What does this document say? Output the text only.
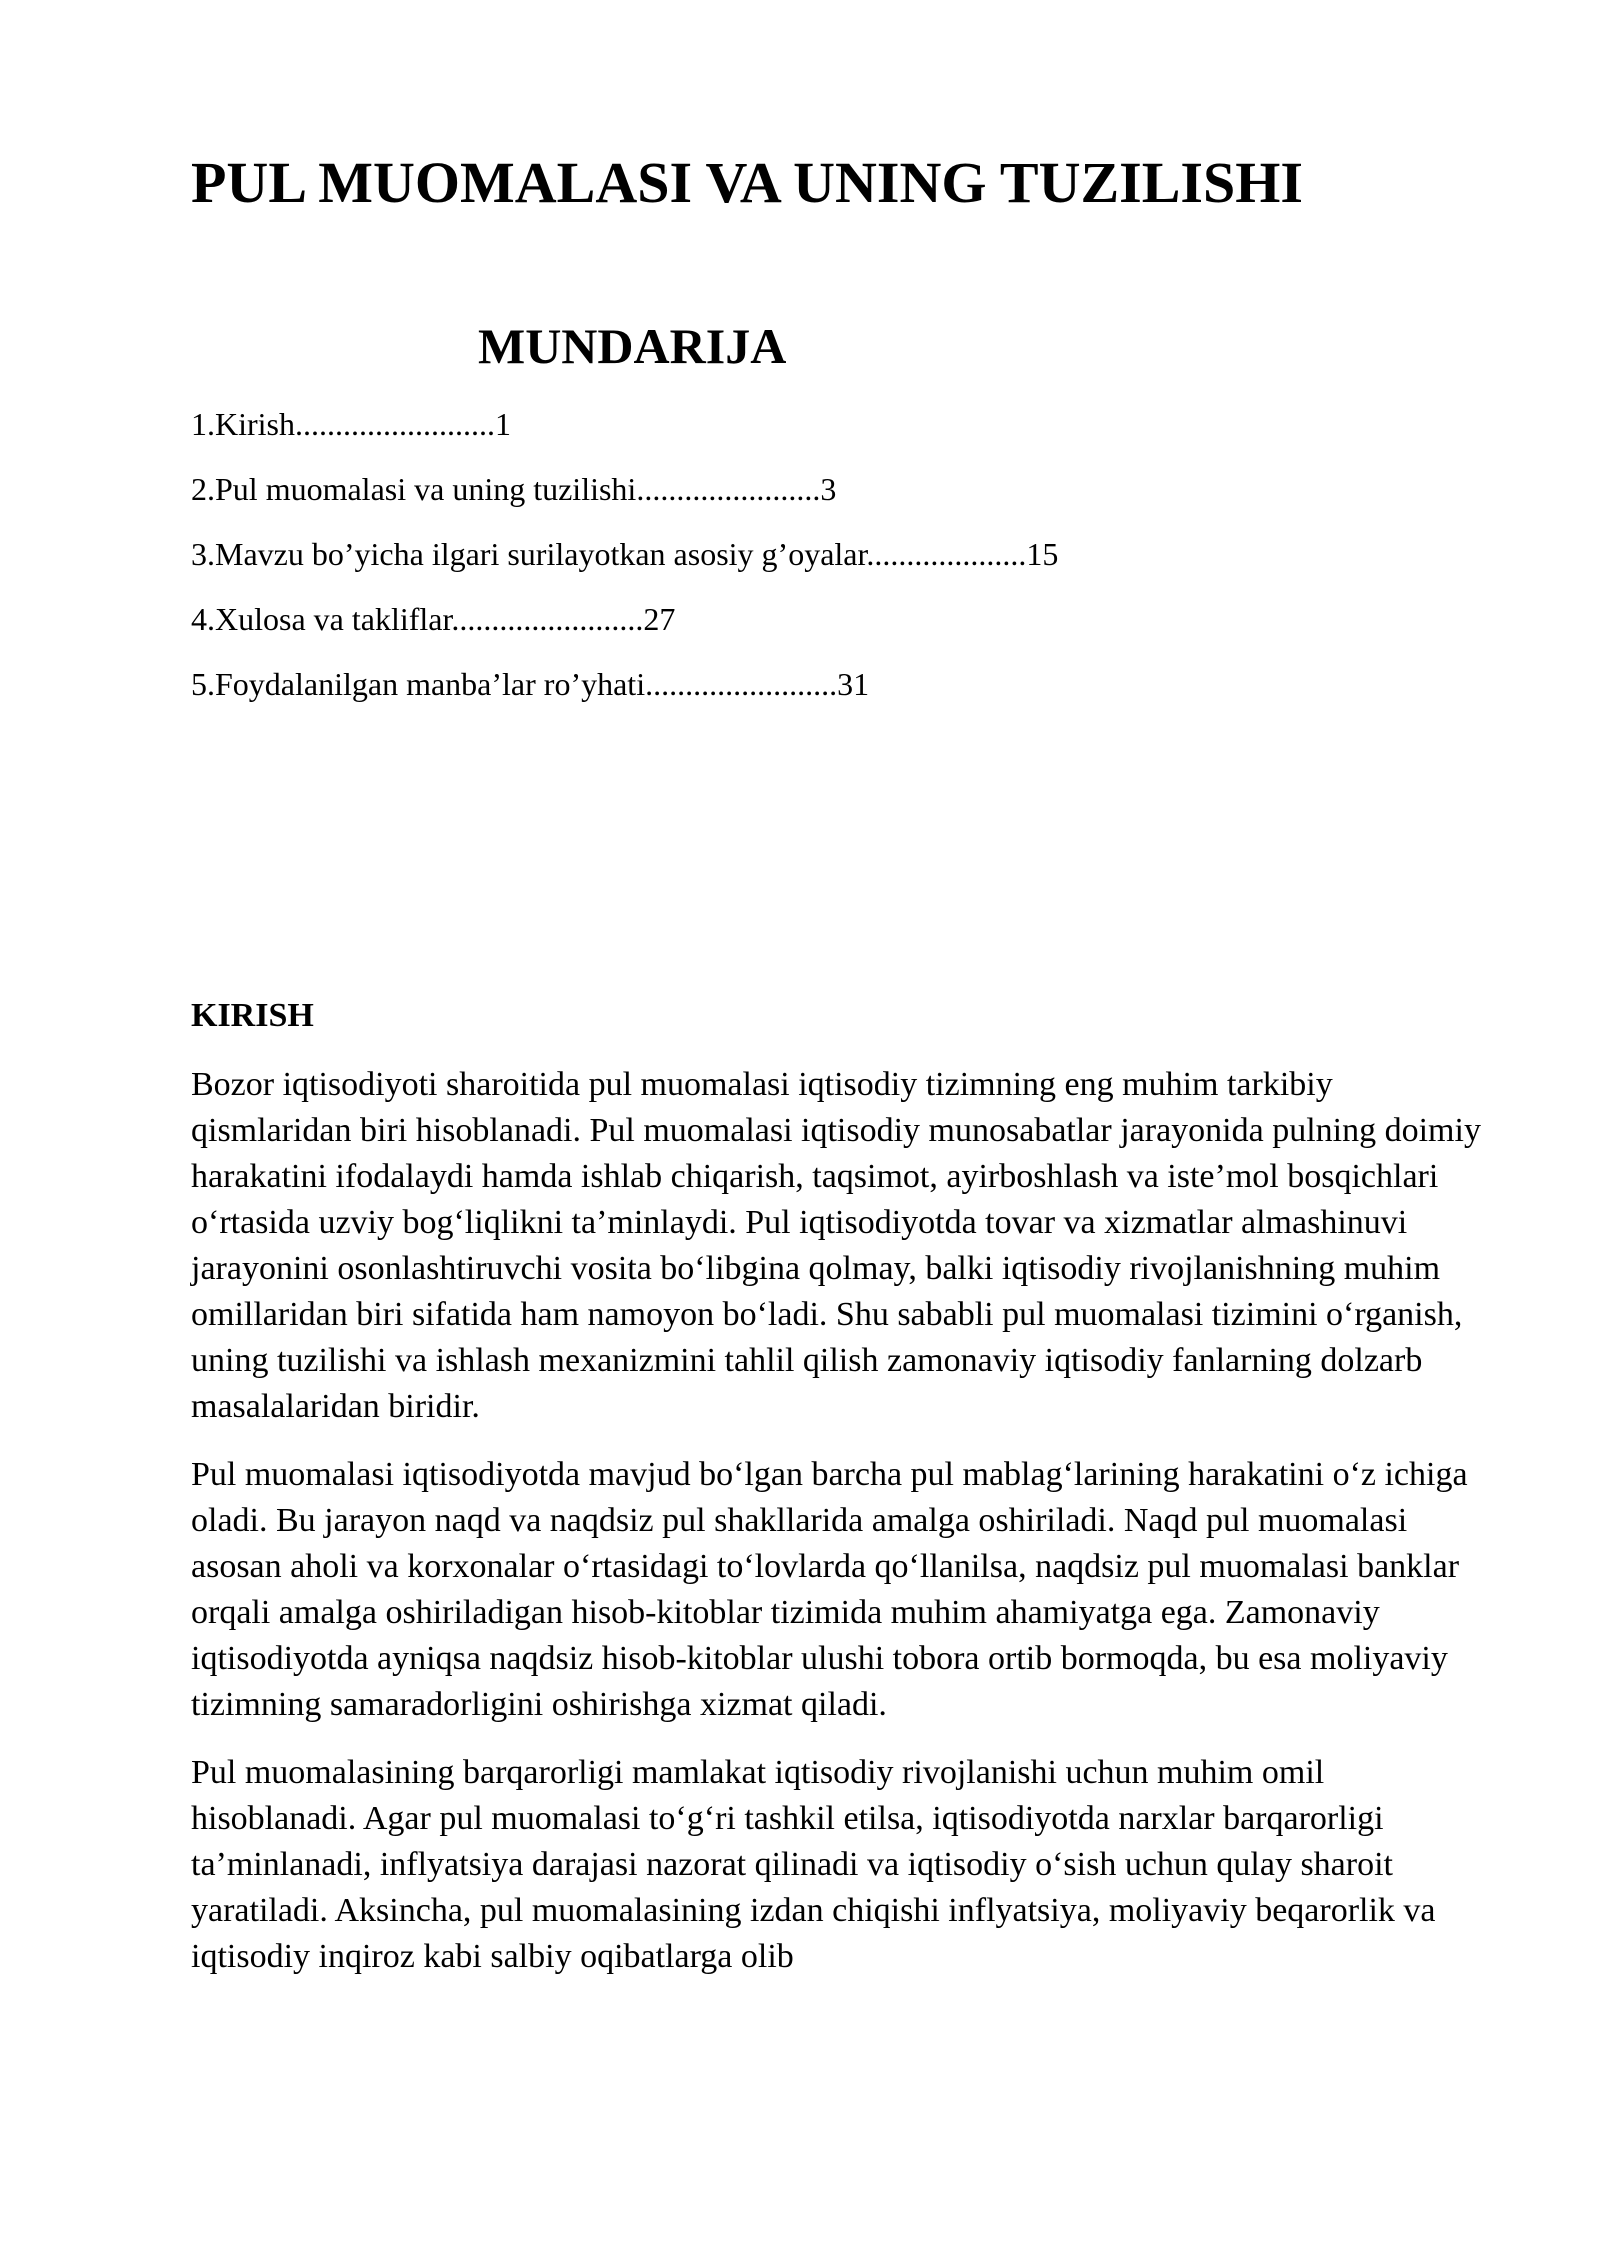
PUL MUOMALASI VA UNING TUZILISHI
MUNDARIJA
1.Kirish.........................1
2.Pul muomalasi va uning tuzilishi.......................3
3.Mavzu bo’yicha ilgari surilayotkan asosiy g’oyalar....................15
4.Xulosa va takliflar........................27
5.Foydalanilgan manba’lar ro’yhati........................31
KIRISH

Bozor iqtisodiyoti sharoitida pul muomalasi iqtisodiy tizimning eng muhim tarkibiy qismlaridan biri hisoblanadi. Pul muomalasi iqtisodiy munosabatlar jarayonida pulning doimiy harakatini ifodalaydi hamda ishlab chiqarish, taqsimot, ayirboshlash va iste’mol bosqichlari o‘rtasida uzviy bog‘liqlikni ta’minlaydi. Pul iqtisodiyotda tovar va xizmatlar almashinuvi jarayonini osonlashtiruvchi vosita bo‘libgina qolmay, balki iqtisodiy rivojlanishning muhim omillaridan biri sifatida ham namoyon bo‘ladi. Shu sababli pul muomalasi tizimini o‘rganish, uning tuzilishi va ishlash mexanizmini tahlil qilish zamonaviy iqtisodiy fanlarning dolzarb masalalaridan biridir.

Pul muomalasi iqtisodiyotda mavjud bo‘lgan barcha pul mablag‘larining harakatini o‘z ichiga oladi. Bu jarayon naqd va naqdsiz pul shakllarida amalga oshiriladi. Naqd pul muomalasi asosan aholi va korxonalar o‘rtasidagi to‘lovlarda qo‘llanilsa, naqdsiz pul muomalasi banklar orqali amalga oshiriladigan hisob-kitoblar tizimida muhim ahamiyatga ega. Zamonaviy iqtisodiyotda ayniqsa naqdsiz hisob-kitoblar ulushi tobora ortib bormoqda, bu esa moliyaviy tizimning samaradorligini oshirishga xizmat qiladi.

Pul muomalasining barqarorligi mamlakat iqtisodiy rivojlanishi uchun muhim omil hisoblanadi. Agar pul muomalasi to‘g‘ri tashkil etilsa, iqtisodiyotda narxlar barqarorligi ta’minlanadi, inflyatsiya darajasi nazorat qilinadi va iqtisodiy o‘sish uchun qulay sharoit yaratiladi. Aksincha, pul muomalasining izdan chiqishi inflyatsiya, moliyaviy beqarorlik va iqtisodiy inqiroz kabi salbiy oqibatlarga olib
